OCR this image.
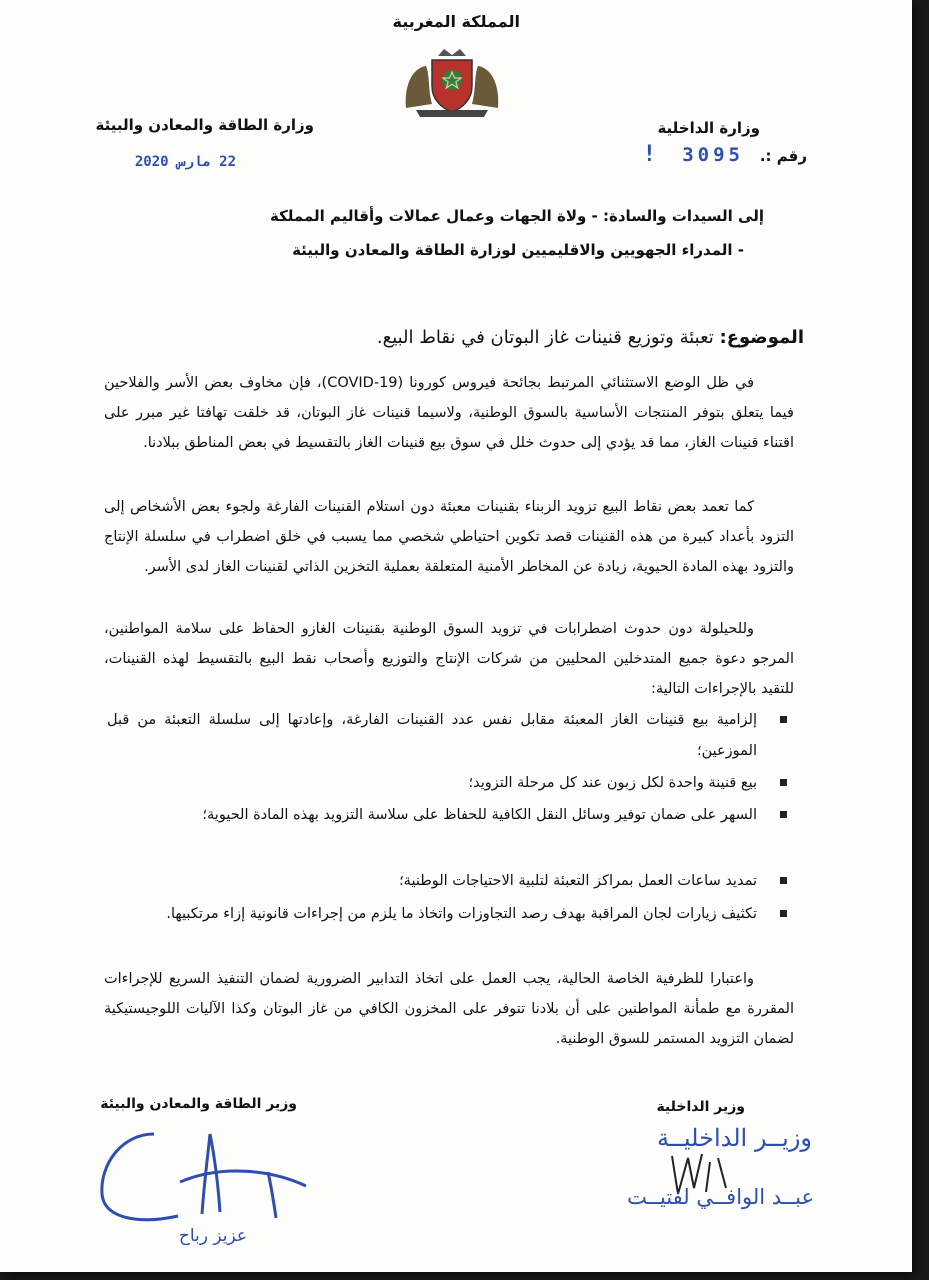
المملكة المغربية
وزارة الداخلية
وزارة الطاقة والمعادن والبيئة
رقم :.
3095
!
22 مارس 2020
إلى السيدات والسادة: - ولاة الجهات وعمال عمالات وأقاليم المملكة
- المدراء الجهويين والاقليميين لوزارة الطاقة والمعادن والبيئة
الموضوع: تعبئة وتوزيع قنينات غاز البوتان في نقاط البيع.
في ظل الوضع الاستثنائي المرتبط بجائحة فيروس كورونا (COVID-19)، فإن مخاوف بعض الأسر والفلاحين فيما يتعلق بتوفر المنتجات الأساسية بالسوق الوطنية، ولاسيما قنينات غاز البوتان، قد خلقت تهافتا غير مبرر على اقتناء قنينات الغاز، مما قد يؤدي إلى حدوث خلل في سوق بيع قنينات الغاز بالتقسيط في بعض المناطق ببلادنا.
كما تعمد بعض نقاط البيع تزويد الزبناء بقنينات معبئة دون استلام القنينات الفارغة ولجوء بعض الأشخاص إلى التزود بأعداد كبيرة من هذه القنينات قصد تكوين احتياطي شخصي مما يسبب في خلق اضطراب في سلسلة الإنتاج والتزود بهذه المادة الحيوية، زيادة عن المخاطر الأمنية المتعلقة بعملية التخزين الذاتي لقنينات الغاز لدى الأسر.
وللحيلولة دون حدوث اضطرابات في تزويد السوق الوطنية بقنينات الغازو الحفاظ على سلامة المواطنين، المرجو دعوة جميع المتدخلين المحليين من شركات الإنتاج والتوزيع وأصحاب نقط البيع بالتقسيط لهذه القنينات، للتقيد بالإجراءات التالية:
إلزامية بيع قنينات الغاز المعبئة مقابل نفس عدد القنينات الفارغة، وإعادتها إلى سلسلة التعبئة من قبل الموزعين؛
بيع قنينة واحدة لكل زبون عند كل مرحلة التزويد؛
السهر على ضمان توفير وسائل النقل الكافية للحفاظ على سلاسة التزويد بهذه المادة الحيوية؛
تمديد ساعات العمل بمراكز التعبئة لتلبية الاحتياجات الوطنية؛
تكثيف زيارات لجان المراقبة بهدف رصد التجاوزات واتخاذ ما يلزم من إجراءات قانونية إزاء مرتكبيها.
واعتبارا للظرفية الخاصة الحالية، يجب العمل على اتخاذ التدابير الضرورية لضمان التنفيذ السريع للإجراءات المقررة مع طمأنة المواطنين على أن بلادنا تتوفر على المخزون الكافي من غاز البوتان وكذا الآليات اللوجيستيكية لضمان التزويد المستمر للسوق الوطنية.
وزير الداخلية
وزير الطاقة والمعادن والبيئة
وزيــر الداخليــة
عبــد الوافــي لفتيــت
عزيز رباح
